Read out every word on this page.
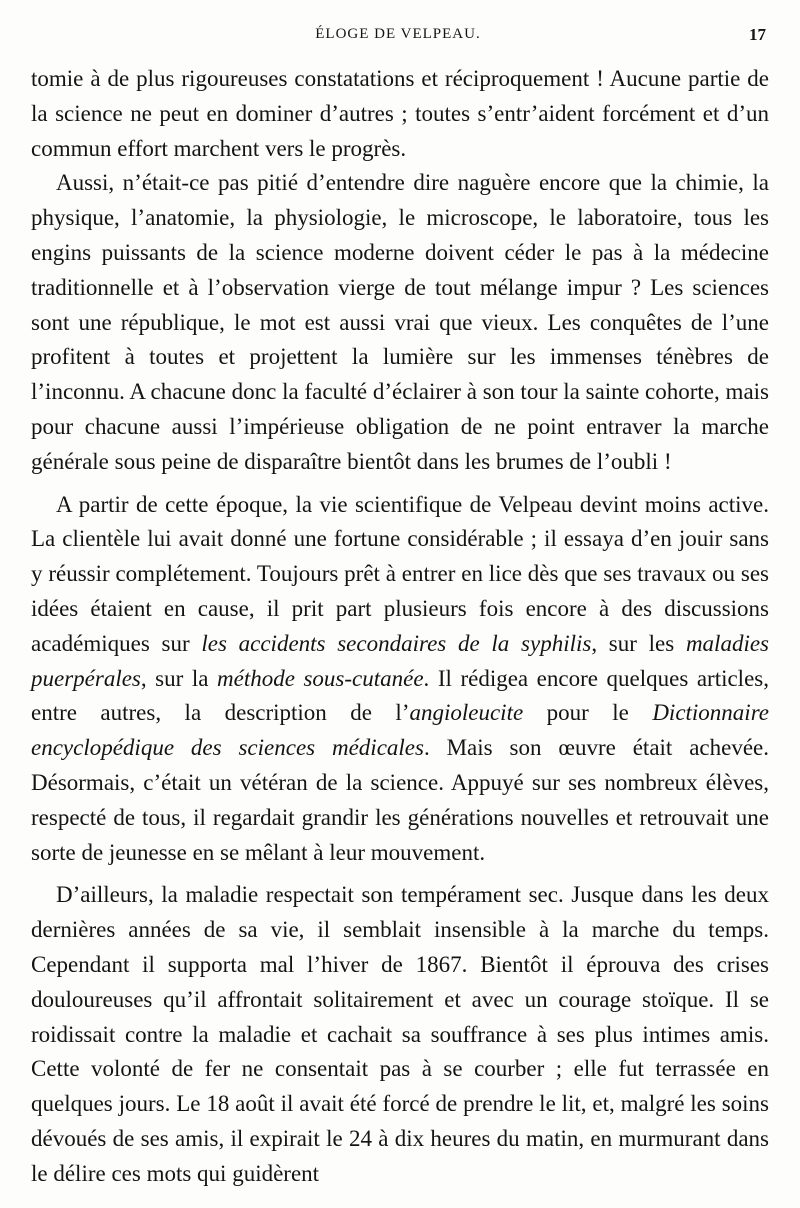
ÉLOGE DE VELPEAU.	17

tomie à de plus rigoureuses constatations et réciproquement ! Aucune partie de la science ne peut en dominer d’autres ; toutes s’entr’aident forcément et d’un commun effort marchent vers le progrès.

Aussi, n’était-ce pas pitié d’entendre dire naguère encore que la chimie, la physique, l’anatomie, la physiologie, le microscope, le laboratoire, tous les engins puissants de la science moderne doivent céder le pas à la médecine traditionnelle et à l’observation vierge de tout mélange impur ? Les sciences sont une république, le mot est aussi vrai que vieux. Les conquêtes de l’une profitent à toutes et projettent la lumière sur les immenses ténèbres de l’inconnu. A chacune donc la faculté d’éclairer à son tour la sainte cohorte, mais pour chacune aussi l’impérieuse obligation de ne point entraver la marche générale sous peine de disparaître bientôt dans les brumes de l’oubli !

A partir de cette époque, la vie scientifique de Velpeau devint moins active. La clientèle lui avait donné une fortune considérable ; il essaya d’en jouir sans y réussir complétement. Toujours prêt à entrer en lice dès que ses travaux ou ses idées étaient en cause, il prit part plusieurs fois encore à des discussions académiques sur les accidents secondaires de la syphilis, sur les maladies puerpérales, sur la méthode sous-cutanée. Il rédigea encore quelques articles, entre autres, la description de l’angioleucite pour le Dictionnaire encyclopédique des sciences médicales. Mais son œuvre était achevée. Désormais, c’était un vétéran de la science. Appuyé sur ses nombreux élèves, respecté de tous, il regardait grandir les générations nouvelles et retrouvait une sorte de jeunesse en se mêlant à leur mouvement.

D’ailleurs, la maladie respectait son tempérament sec. Jusque dans les deux dernières années de sa vie, il semblait insensible à la marche du temps. Cependant il supporta mal l’hiver de 1867. Bientôt il éprouva des crises douloureuses qu’il affrontait solitairement et avec un courage stoïque. Il se roidissait contre la maladie et cachait sa souffrance à ses plus intimes amis. Cette volonté de fer ne consentait pas à se courber ; elle fut terrassée en quelques jours. Le 18 août il avait été forcé de prendre le lit, et, malgré les soins dévoués de ses amis, il expirait le 24 à dix heures du matin, en murmurant dans le délire ces mots qui guidèrent
